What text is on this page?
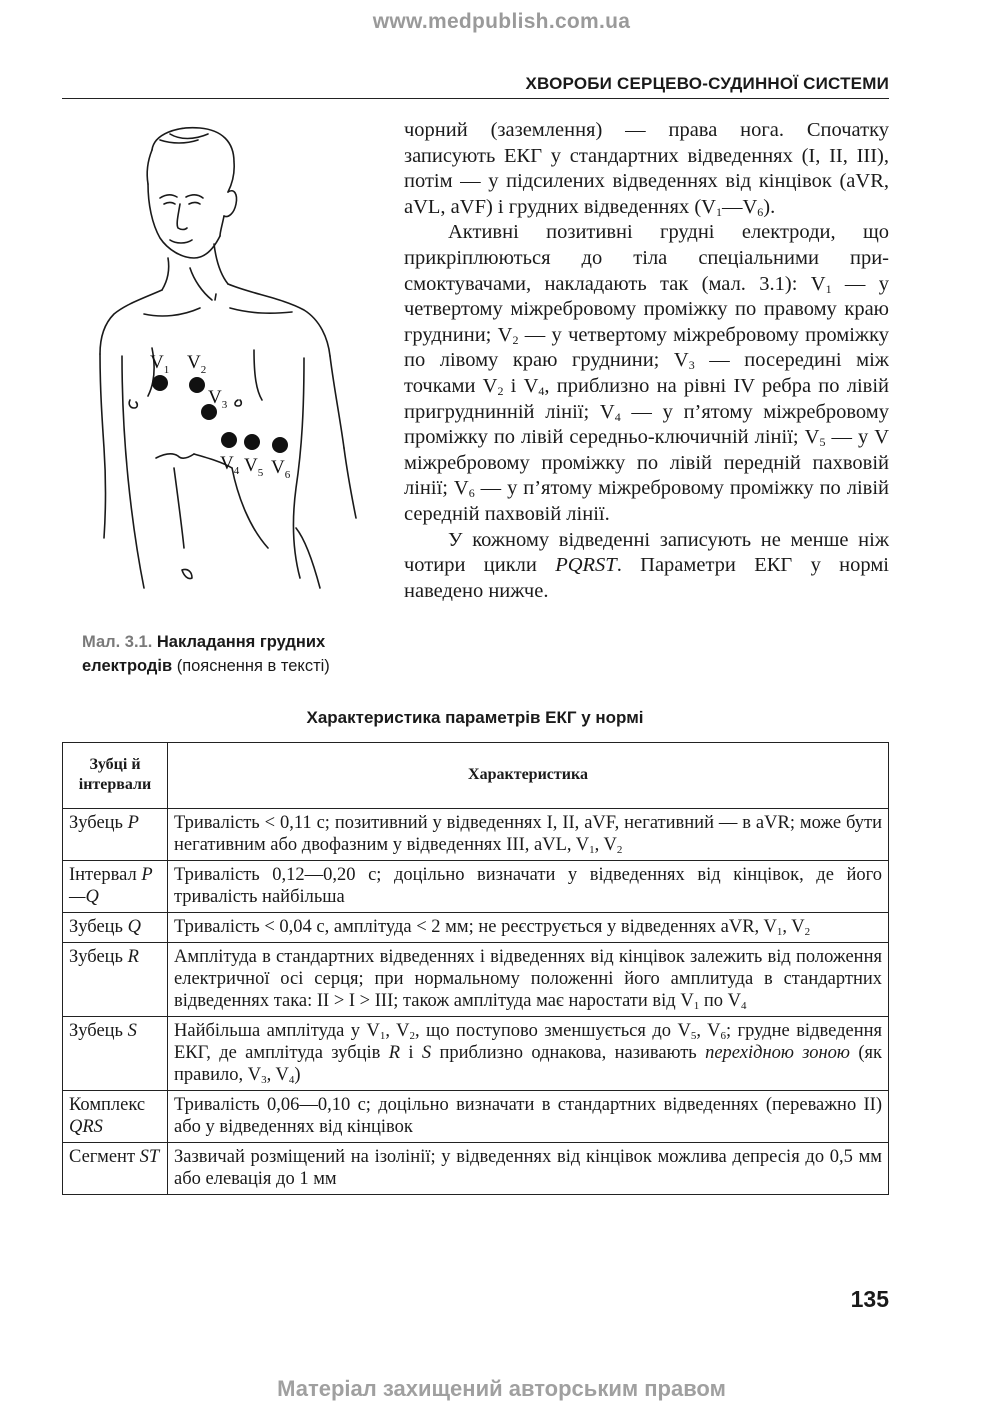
www.medpublish.com.ua
ХВОРОБИ СЕРЦЕВО-СУДИННОЇ СИСТЕМИ
$V_1$ $V_2$
$V_3$
$V_4$ $V_5$ $V_6$
Мал. 3.1. Накладання грудних електродів (пояснення в тексті)

чорний (заземлення) — права нога. Спочатку записують ЕКГ у стандартних відведеннях (I, II, III), потім — у підсилених відведеннях від кінцівок (aVR, aVL, aVF) і грудних відведеннях $(V_1—V_6)$.

Активні позитивні грудні електроди, що прикріплюються до тіла спеціальними присмоктувачами, накладають так (мал. 3.1): $V_1$ — у четвертому міжребровому проміжку по правому краю груднини; $V_2$ — у четвертому міжребровому проміжку по лівому краю груднини; $V_3$ — посередині між точками $V_2$ і $V_4$, приблизно на рівні IV ребра по лівій пригруднинній лінії; $V_4$ — у п’ятому міжребровому проміжку по лівій середньо-ключичній лінії; $V_5$ — у V міжребровому проміжку по лівій передній пахвовій лінії; $V_6$ — у п’ятому міжребровому проміжку по лівій середній пахвовій лінії.

У кожному відведенні записують не менше ніж чотири цикли PQRST. Параметри ЕКГ у нормі наведено нижче.

Характеристика параметрів ЕКГ у нормі
Зубці й інтервали	Характеристика
Зубець P	Тривалість < 0,11 с; позитивний у відведеннях I, II, aVF, негативний — в aVR; може бути негативним або двофазним у відведеннях III, aVL, $V_1$, $V_2$
Інтервал P—Q	Тривалість 0,12—0,20 с; доцільно визначати у відведеннях від кінцівок, де його тривалість найбільша
Зубець Q	Тривалість < 0,04 с, амплітуда < 2 мм; не реєструється у відведеннях aVR, $V_1$, $V_2$
Зубець R	Амплітуда в стандартних відведеннях і відведеннях від кінцівок залежить від положення електричної осі серця; при нормальному положенні його амплитуда в стандартних відведеннях така: II > I > III; також амплітуда має наростати від $V_1$ по $V_4$
Зубець S	Найбільша амплітуда у $V_1$, $V_2$, що поступово зменшується до $V_5$, $V_6$; грудне відведення ЕКГ, де амплітуда зубців R і S приблизно однакова, називають перехідною зоною (як правило, $V_3$, $V_4$)
Комплекс QRS	Тривалість 0,06—0,10 с; доцільно визначати в стандартних відведеннях (переважно II) або у відведеннях від кінцівок
Сегмент ST	Зазвичай розміщений на ізолінії; у відведеннях від кінцівок можлива депресія до 0,5 мм або елевація до 1 мм
135
Матеріал захищений авторським правом
